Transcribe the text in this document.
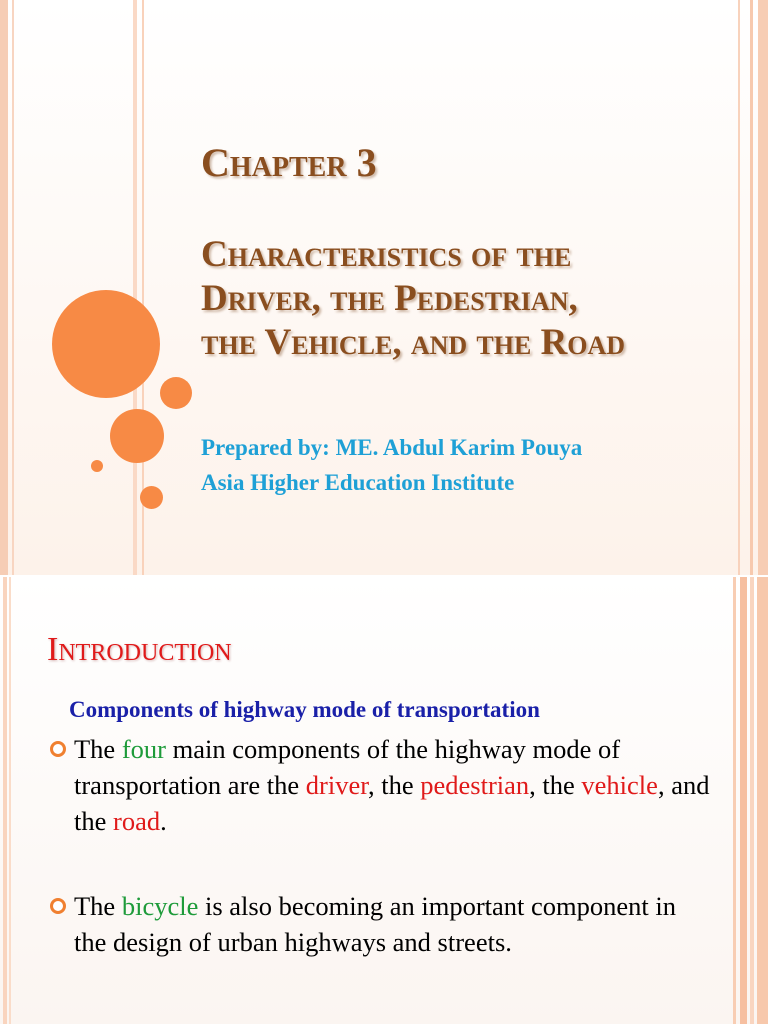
Chapter 3
Characteristics of the
Driver, the Pedestrian,
the Vehicle, and the Road
Prepared by: ME. Abdul Karim Pouya
Asia Higher Education Institute
Introduction
Components of highway mode of transportation
The four main components of the highway mode of transportation are the driver, the pedestrian, the vehicle, and the road.
The bicycle is also becoming an important component in the design of urban highways and streets.
